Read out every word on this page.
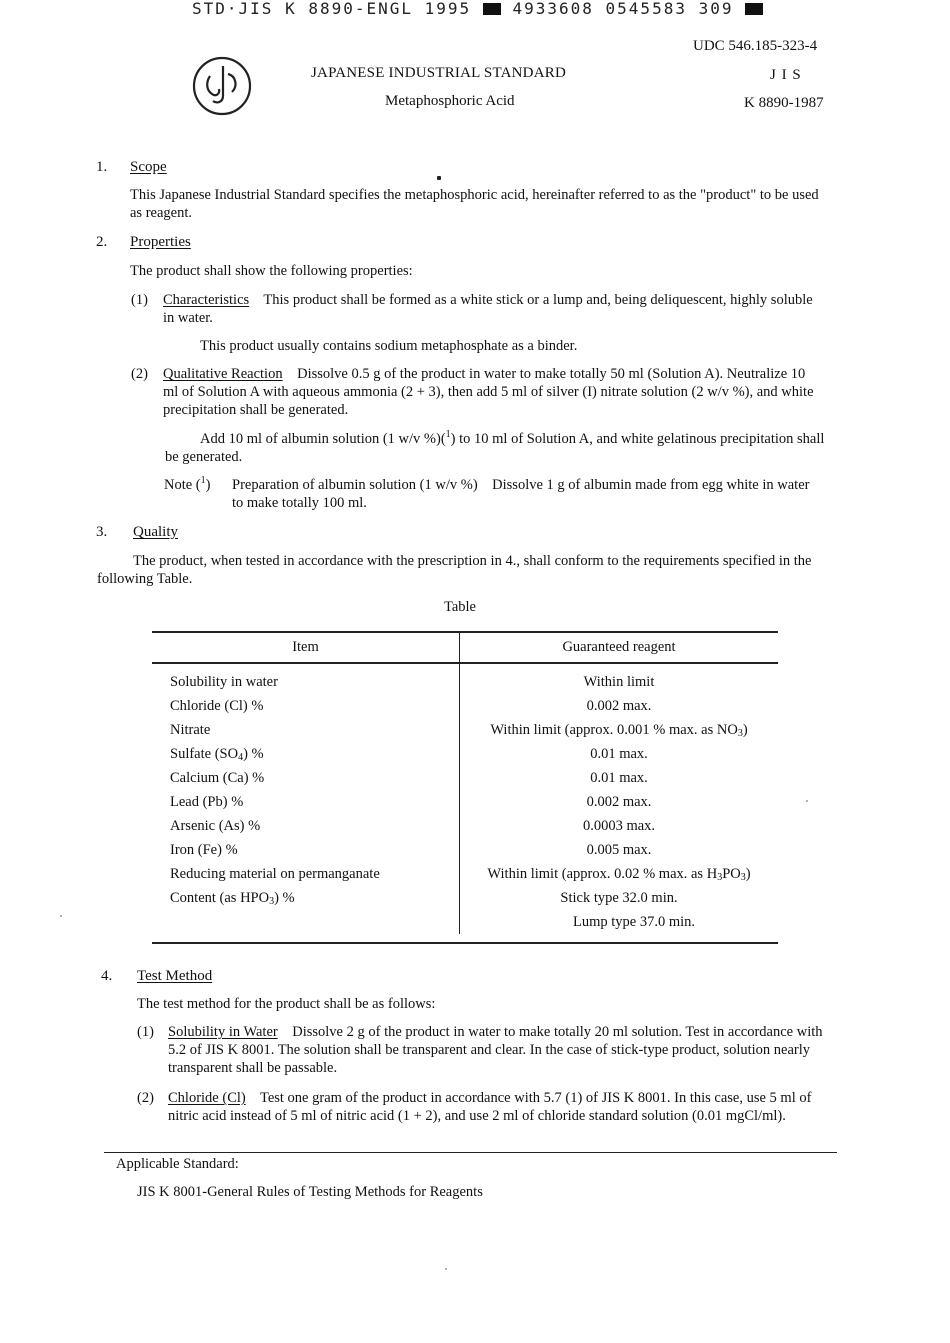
STD·JIS K 8890-ENGL 1995	4933608 0545583 309
UDC 546.185-323-4
JAPANESE INDUSTRIAL STANDARD	J I S
Metaphosphoric Acid	K 8890-1987
1. Scope
This Japanese Industrial Standard specifies the metaphosphoric acid, hereinafter referred to as the "product" to be used as reagent.
2. Properties
The product shall show the following properties:
(1) Characteristics This product shall be formed as a white stick or a lump and, being deliquescent, highly soluble in water.
This product usually contains sodium metaphosphate as a binder.
(2) Qualitative Reaction Dissolve 0.5 g of the product in water to make totally 50 ml (Solution A). Neutralize 10 ml of Solution A with aqueous ammonia (2 + 3), then add 5 ml of silver (I) nitrate solution (2 w/v %), and white precipitation shall be generated.
Add 10 ml of albumin solution (1 w/v %)($^1$) to 10 ml of Solution A, and white gelatinous precipitation shall be generated.
Note ($^1$) Preparation of albumin solution (1 w/v %) Dissolve 1 g of albumin made from egg white in water to make totally 100 ml.
3. Quality
The product, when tested in accordance with the prescription in 4., shall conform to the requirements specified in the following Table.
Table
Item	Guaranteed reagent
Solubility in water	Within limit
Chloride (Cl) %	0.002 max.
Nitrate	Within limit (approx. 0.001 % max. as $NO_3$)
Sulfate $(SO_4)$ %	0.01 max.
Calcium (Ca) %	0.01 max.
Lead (Pb) %	0.002 max.
Arsenic (As) %	0.0003 max.
Iron (Fe) %	0.005 max.
Reducing material on permanganate	Within limit (approx. 0.02 % max. as $H_3PO_3$)
Content (as $HPO_3$) %	Stick type 32.0 min.
	Lump type 37.0 min.
4. Test Method
The test method for the product shall be as follows:
(1) Solubility in Water Dissolve 2 g of the product in water to make totally 20 ml solution. Test in accordance with 5.2 of JIS K 8001. The solution shall be transparent and clear. In the case of stick-type product, solution nearly transparent shall be passable.
(2) Chloride (Cl) Test one gram of the product in accordance with 5.7 (1) of JIS K 8001. In this case, use 5 ml of nitric acid instead of 5 ml of nitric acid (1 + 2), and use 2 ml of chloride standard solution (0.01 mgCl/ml).
Applicable Standard:
JIS K 8001-General Rules of Testing Methods for Reagents
